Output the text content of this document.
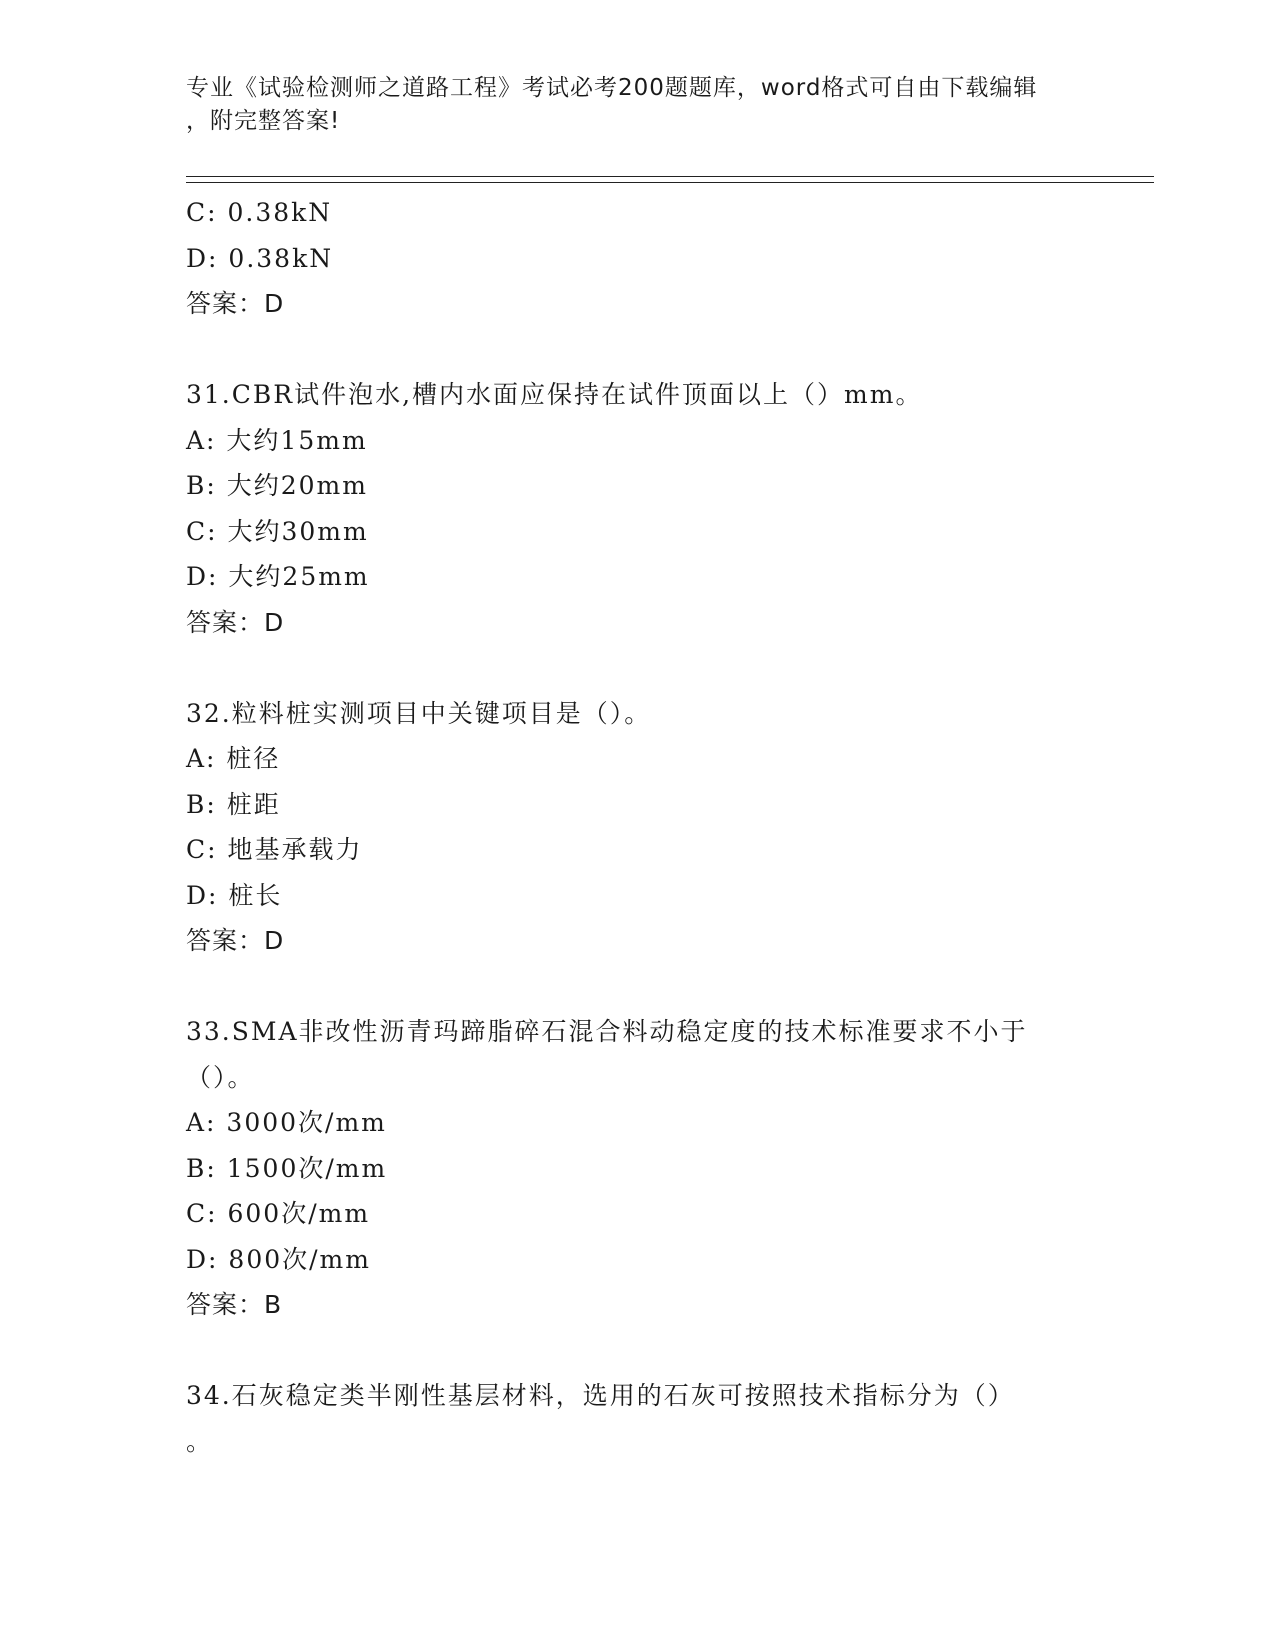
专业《试验检测师之道路工程》考试必考200题题库，word格式可自由下载编辑
，附完整答案!
C: 0.38kN
D: 0.38kN
答案：D
31.CBR试件泡水,槽内水面应保持在试件顶面以上（）mm。
A: 大约15mm
B: 大约20mm
C: 大约30mm
D: 大约25mm
答案：D
32.粒料桩实测项目中关键项目是（）。
A: 桩径
B: 桩距
C: 地基承载力
D: 桩长
答案：D
33.SMA非改性沥青玛蹄脂碎石混合料动稳定度的技术标准要求不小于
（）。
A: 3000次/mm
B: 1500次/mm
C: 600次/mm
D: 800次/mm
答案：B
34.石灰稳定类半刚性基层材料，选用的石灰可按照技术指标分为（）
。
